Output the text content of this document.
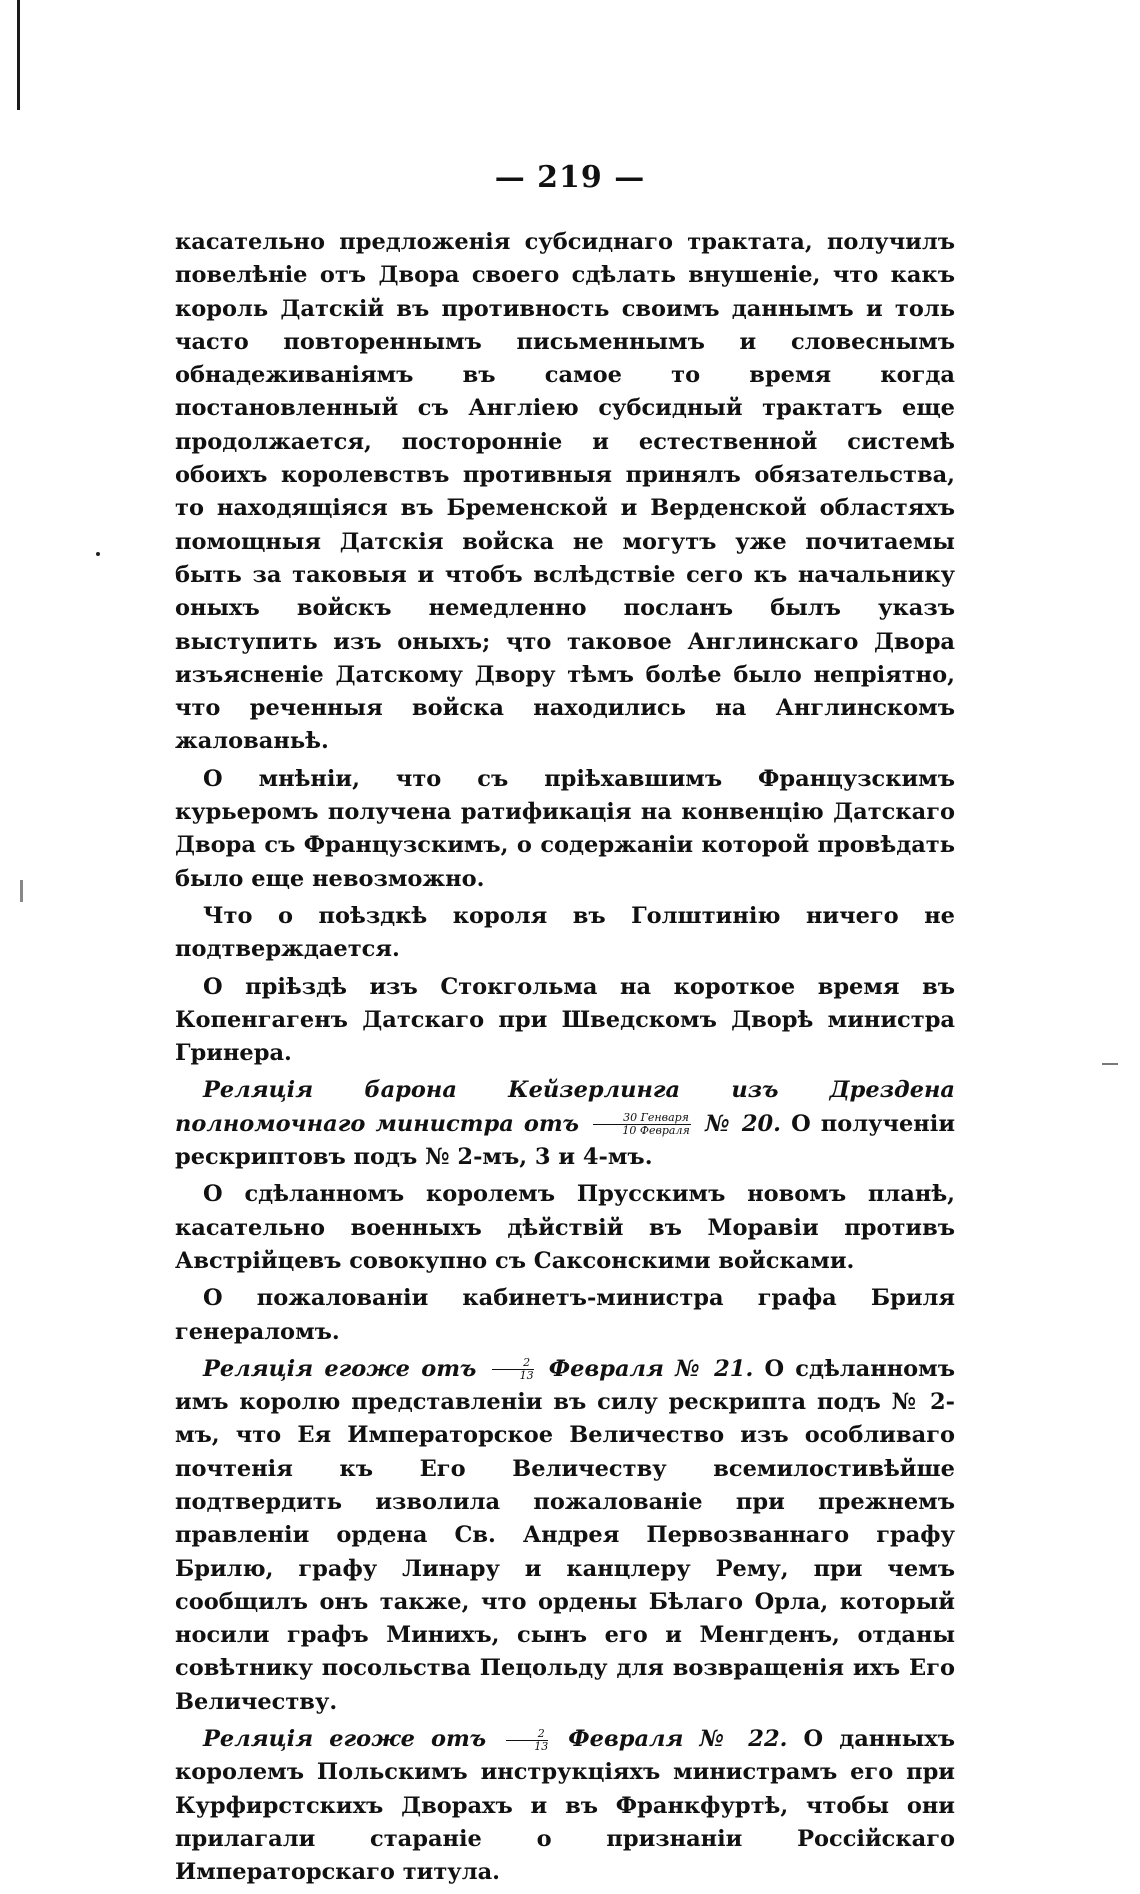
— 219 —

касательно предложенія субсиднаго трактата, получилъ повелѣніе отъ Двора своего сдѣлать внушеніе, что какъ король Датскій въ противность своимъ даннымъ и толь часто повтореннымъ письменнымъ и словеснымъ обнадеживаніямъ въ самое то время когда постановленный съ Англіею субсидный трактатъ еще продолжается, посторонніе и естественной системѣ обоихъ королевствъ противныя принялъ обязательства, то находящіяся въ Бременской и Верденской областяхъ помощныя Датскія войска не могутъ уже почитаемы быть за таковыя и чтобъ вслѣдствіе сего къ начальнику оныхъ войскъ немедленно посланъ былъ указъ выступить изъ оныхъ; что таковое Англинскаго Двора изъясненіе Датскому Двору тѣмъ болѣе было непріятно, что реченныя войска находились на Англинскомъ жалованьѣ.

О мнѣніи, что съ пріѣхавшимъ Французскимъ курьеромъ получена ратификація на конвенцію Датскаго Двора съ Французскимъ, о содержаніи которой провѣдать было еще невозможно.

Что о поѣздкѣ короля въ Голштинію ничего не подтверждается.

О пріѣздѣ изъ Стокгольма на короткое время въ Копенгагенъ Датскаго при Шведскомъ Дворѣ министра Гринера.

Реляція барона Кейзерлинга изъ Дрездена полномочнаго министра отъ $\frac{\text{30 Генваря}}{\text{10 Февраля}}$ № 20. О полученіи рескриптовъ подъ № 2-мъ, 3 и 4-мъ.

О сдѣланномъ королемъ Прусскимъ новомъ планѣ, касательно военныхъ дѣйствій въ Моравіи противъ Австрійцевъ совокупно съ Саксонскими войсками.

О пожалованіи кабинетъ-министра графа Бриля генераломъ.

Реляція егоже отъ $\frac{2}{13}$ Февраля № 21. О сдѣланномъ имъ королю представленіи въ силу рескрипта подъ № 2-мъ, что Ея Императорское Величество изъ особливаго почтенія къ Его Величеству всемилостивѣйше подтвердить изволила пожалованіе при прежнемъ правленіи ордена Св. Андрея Первозваннаго графу Брилю, графу Линару и канцлеру Рему, при чемъ сообщилъ онъ также, что ордены Бѣлаго Орла, который носили графъ Минихъ, сынъ его и Менгденъ, отданы совѣтнику посольства Пецольду для возвращенія ихъ Его Величеству.

Реляція егоже отъ $\frac{2}{13}$ Февраля № 22. О данныхъ королемъ Польскимъ инструкціяхъ министрамъ его при Курфирстскихъ Дворахъ и въ Франкфуртѣ, чтобы они прилагали стараніе о признаніи Россійскаго Императорскаго титула.
